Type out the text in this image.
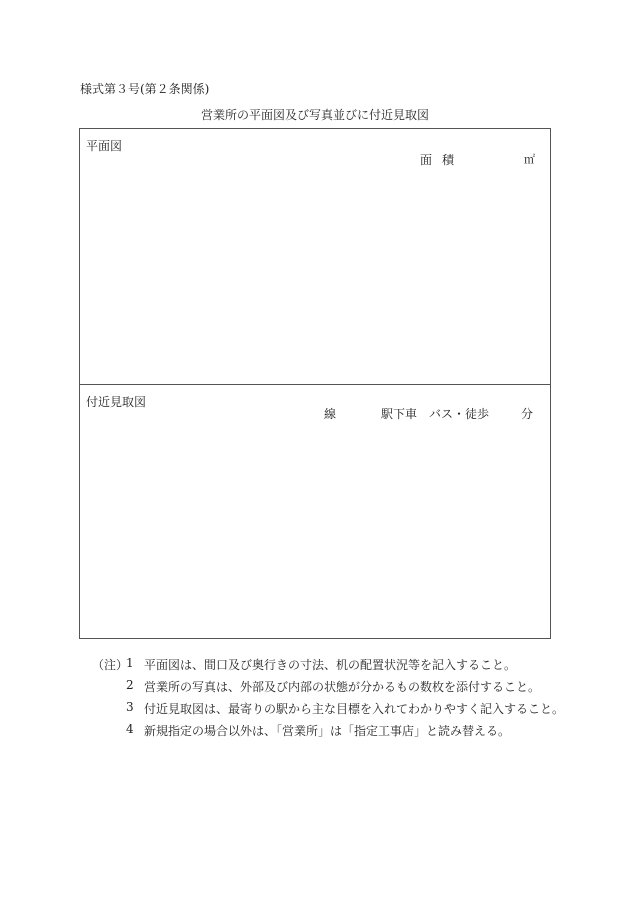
様式第３号(第２条関係)
営業所の平面図及び写真並びに付近見取図
平面図
面積	㎡
付近見取図
線	駅下車 バス・徒歩	分
（注）
1 平面図は、間口及び奥行きの寸法、机の配置状況等を記入すること。
2 営業所の写真は、外部及び内部の状態が分かるもの数枚を添付すること。
3 付近見取図は、最寄りの駅から主な目標を入れてわかりやすく記入すること。
4 新規指定の場合以外は、「営業所」は「指定工事店」と読み替える。
